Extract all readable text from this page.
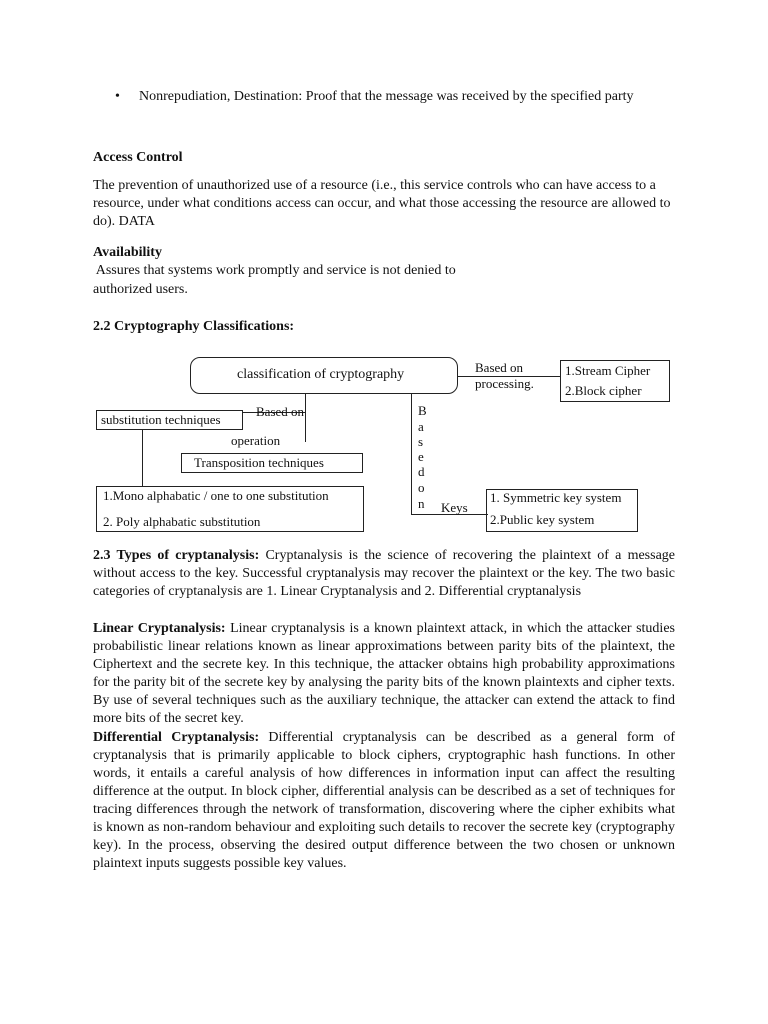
• Nonrepudiation, Destination: Proof that the message was received by the specified party

Access Control

The prevention of unauthorized use of a resource (i.e., this service controls who can have access to a resource, under what conditions access can occur, and what those accessing the resource are allowed to do). DATA

Availability

Assures that systems work promptly and service is not denied to

authorized users.

2.2 Cryptography Classifications:

classification of cryptography	Based on
processing.
1.Stream Cipher
2.Block cipher
Based on
operation
substitution techniques
Transposition techniques
1.Mono alphabatic / one to one substitution
2. Poly alphabatic substitution
B
a
s
e
d
o
n Keys
1. Symmetric key system
2.Public key system

2.3 Types of cryptanalysis: Cryptanalysis is the science of recovering the plaintext of a message without access to the key. Successful cryptanalysis may recover the plaintext or the key. The two basic categories of cryptanalysis are 1. Linear Cryptanalysis and 2. Differential cryptanalysis

Linear Cryptanalysis: Linear cryptanalysis is a known plaintext attack, in which the attacker studies probabilistic linear relations known as linear approximations between parity bits of the plaintext, the Ciphertext and the secrete key. In this technique, the attacker obtains high probability approximations for the parity bit of the secrete key by analysing the parity bits of the known plaintexts and cipher texts. By use of several techniques such as the auxiliary technique, the attacker can extend the attack to find more bits of the secret key.

Differential Cryptanalysis: Differential cryptanalysis can be described as a general form of cryptanalysis that is primarily applicable to block ciphers, cryptographic hash functions. In other words, it entails a careful analysis of how differences in information input can affect the resulting difference at the output. In block cipher, differential analysis can be described as a set of techniques for tracing differences through the network of transformation, discovering where the cipher exhibits what is known as non-random behaviour and exploiting such details to recover the secrete key (cryptography key). In the process, observing the desired output difference between the two chosen or unknown plaintext inputs suggests possible key values.
